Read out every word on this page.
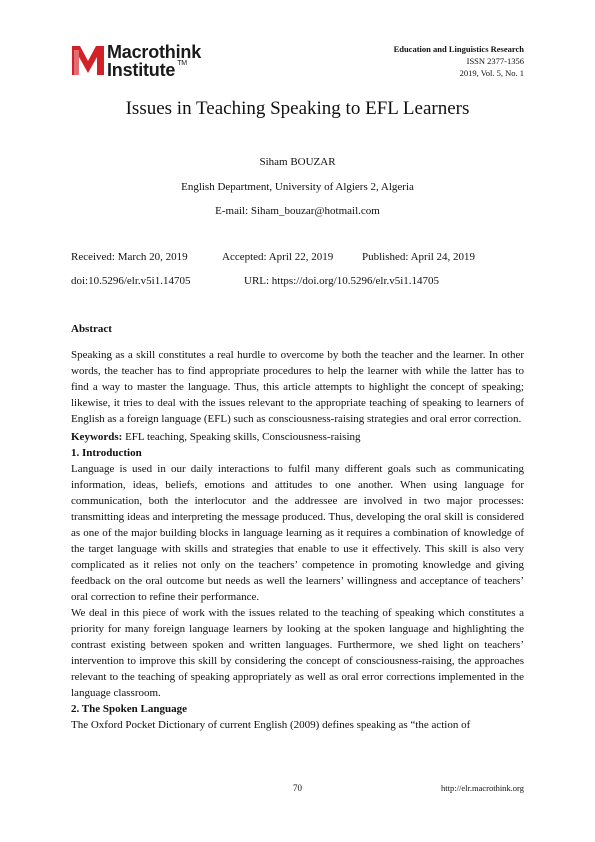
Macrothink
Institute ™
Education and Linguistics Research
ISSN 2377-1356
2019, Vol. 5, No. 1
Issues in Teaching Speaking to EFL Learners
Siham BOUZAR
English Department, University of Algiers 2, Algeria
E-mail: Siham_bouzar@hotmail.com
Received: March 20, 2019	Accepted: April 22, 2019	Published: April 24, 2019
doi:10.5296/elr.v5i1.14705	URL: https://doi.org/10.5296/elr.v5i1.14705
Abstract

Speaking as a skill constitutes a real hurdle to overcome by both the teacher and the learner. In other words, the teacher has to find appropriate procedures to help the learner with while the latter has to find a way to master the language. Thus, this article attempts to highlight the concept of speaking; likewise, it tries to deal with the issues relevant to the appropriate teaching of speaking to learners of English as a foreign language (EFL) such as consciousness-raising strategies and oral error correction.

Keywords: EFL teaching, Speaking skills, Consciousness-raising

1. Introduction

Language is used in our daily interactions to fulfil many different goals such as communicating information, ideas, beliefs, emotions and attitudes to one another. When using language for communication, both the interlocutor and the addressee are involved in two major processes: transmitting ideas and interpreting the message produced. Thus, developing the oral skill is considered as one of the major building blocks in language learning as it requires a combination of knowledge of the target language with skills and strategies that enable to use it effectively. This skill is also very complicated as it relies not only on the teachers’ competence in promoting knowledge and giving feedback on the oral outcome but needs as well the learners’ willingness and acceptance of teachers’ oral correction to refine their performance.

We deal in this piece of work with the issues related to the teaching of speaking which constitutes a priority for many foreign language learners by looking at the spoken language and highlighting the contrast existing between spoken and written languages. Furthermore, we shed light on teachers’ intervention to improve this skill by considering the concept of consciousness-raising, the approaches relevant to the teaching of speaking appropriately as well as oral error corrections implemented in the language classroom.

2. The Spoken Language

The Oxford Pocket Dictionary of current English (2009) defines speaking as “the action of

70	http://elr.macrothink.org
